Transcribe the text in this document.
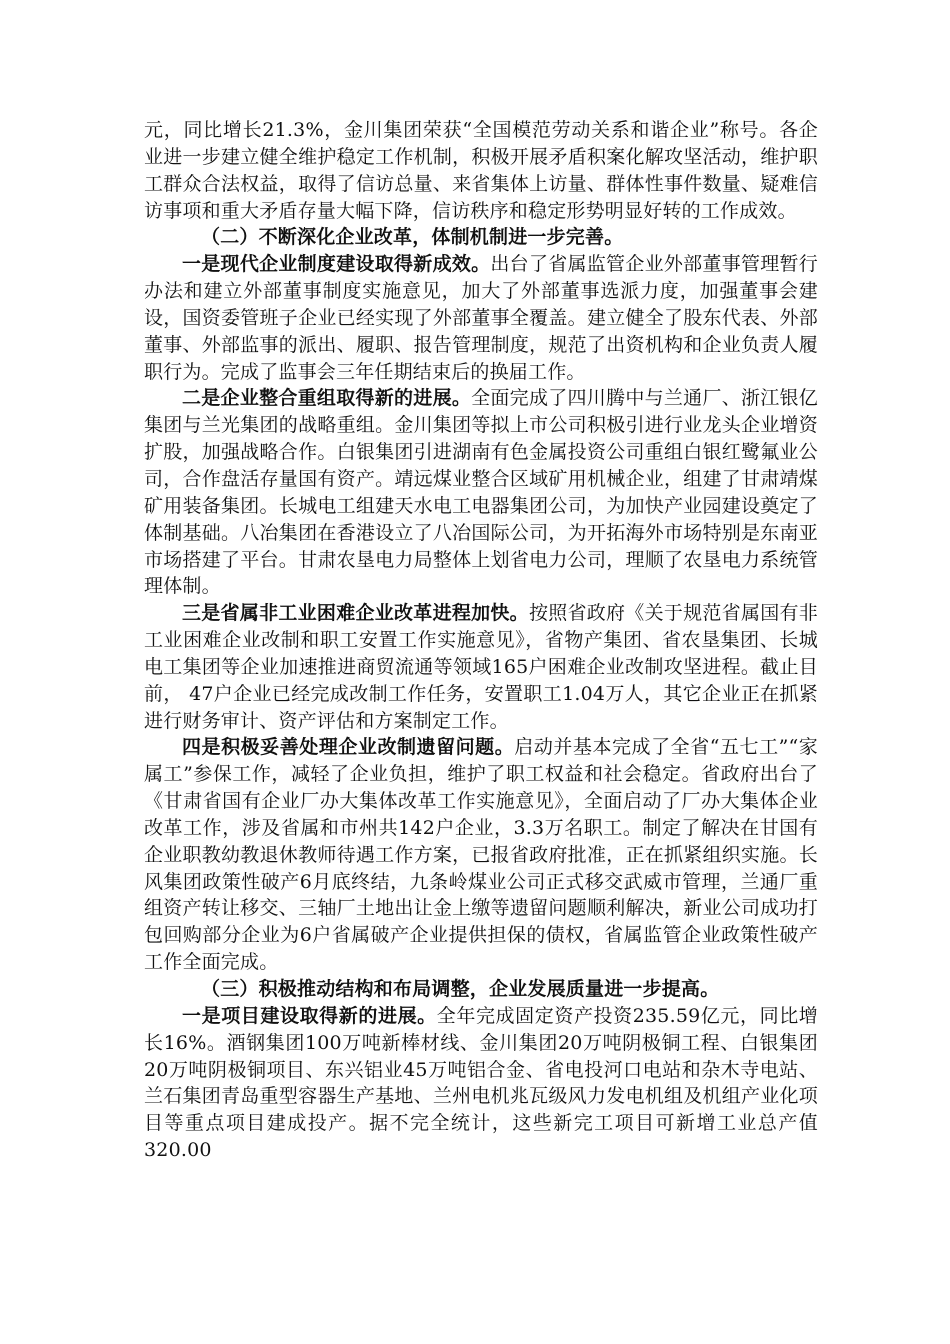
元，同比增长21.3%，金川集团荣获“全国模范劳动关系和谐企业”称号。各企业进一步建立健全维护稳定工作机制，积极开展矛盾积案化解攻坚活动，维护职工群众合法权益，取得了信访总量、来省集体上访量、群体性事件数量、疑难信访事项和重大矛盾存量大幅下降，信访秩序和稳定形势明显好转的工作成效。

（二）不断深化企业改革，体制机制进一步完善。

一是现代企业制度建设取得新成效。出台了省属监管企业外部董事管理暂行办法和建立外部董事制度实施意见，加大了外部董事选派力度，加强董事会建设，国资委管班子企业已经实现了外部董事全覆盖。建立健全了股东代表、外部董事、外部监事的派出、履职、报告管理制度，规范了出资机构和企业负责人履职行为。完成了监事会三年任期结束后的换届工作。

二是企业整合重组取得新的进展。全面完成了四川腾中与兰通厂、浙江银亿集团与兰光集团的战略重组。金川集团等拟上市公司积极引进行业龙头企业增资扩股，加强战略合作。白银集团引进湖南有色金属投资公司重组白银红鹭氟业公司，合作盘活存量国有资产。靖远煤业整合区域矿用机械企业，组建了甘肃靖煤矿用装备集团。长城电工组建天水电工电器集团公司，为加快产业园建设奠定了体制基础。八冶集团在香港设立了八冶国际公司，为开拓海外市场特别是东南亚市场搭建了平台。甘肃农垦电力局整体上划省电力公司，理顺了农垦电力系统管理体制。

三是省属非工业困难企业改革进程加快。按照省政府《关于规范省属国有非工业困难企业改制和职工安置工作实施意见》，省物产集团、省农垦集团、长城电工集团等企业加速推进商贸流通等领域165户困难企业改制攻坚进程。截止目前， 47户企业已经完成改制工作任务，安置职工1.04万人，其它企业正在抓紧进行财务审计、资产评估和方案制定工作。

四是积极妥善处理企业改制遗留问题。启动并基本完成了全省“五七工”“家属工”参保工作，减轻了企业负担，维护了职工权益和社会稳定。省政府出台了《甘肃省国有企业厂办大集体改革工作实施意见》，全面启动了厂办大集体企业改革工作，涉及省属和市州共142户企业，3.3万名职工。制定了解决在甘国有企业职教幼教退休教师待遇工作方案，已报省政府批准，正在抓紧组织实施。长风集团政策性破产6月底终结，九条岭煤业公司正式移交武威市管理，兰通厂重组资产转让移交、三轴厂土地出让金上缴等遗留问题顺利解决，新业公司成功打包回购部分企业为6户省属破产企业提供担保的债权，省属监管企业政策性破产工作全面完成。

（三）积极推动结构和布局调整，企业发展质量进一步提高。

一是项目建设取得新的进展。全年完成固定资产投资235.59亿元，同比增长16%。酒钢集团100万吨新棒材线、金川集团20万吨阴极铜工程、白银集团20万吨阴极铜项目、东兴铝业45万吨铝合金、省电投河口电站和杂木寺电站、兰石集团青岛重型容器生产基地、兰州电机兆瓦级风力发电机组及机组产业化项目等重点项目建成投产。据不完全统计，这些新完工项目可新增工业总产值320.00
